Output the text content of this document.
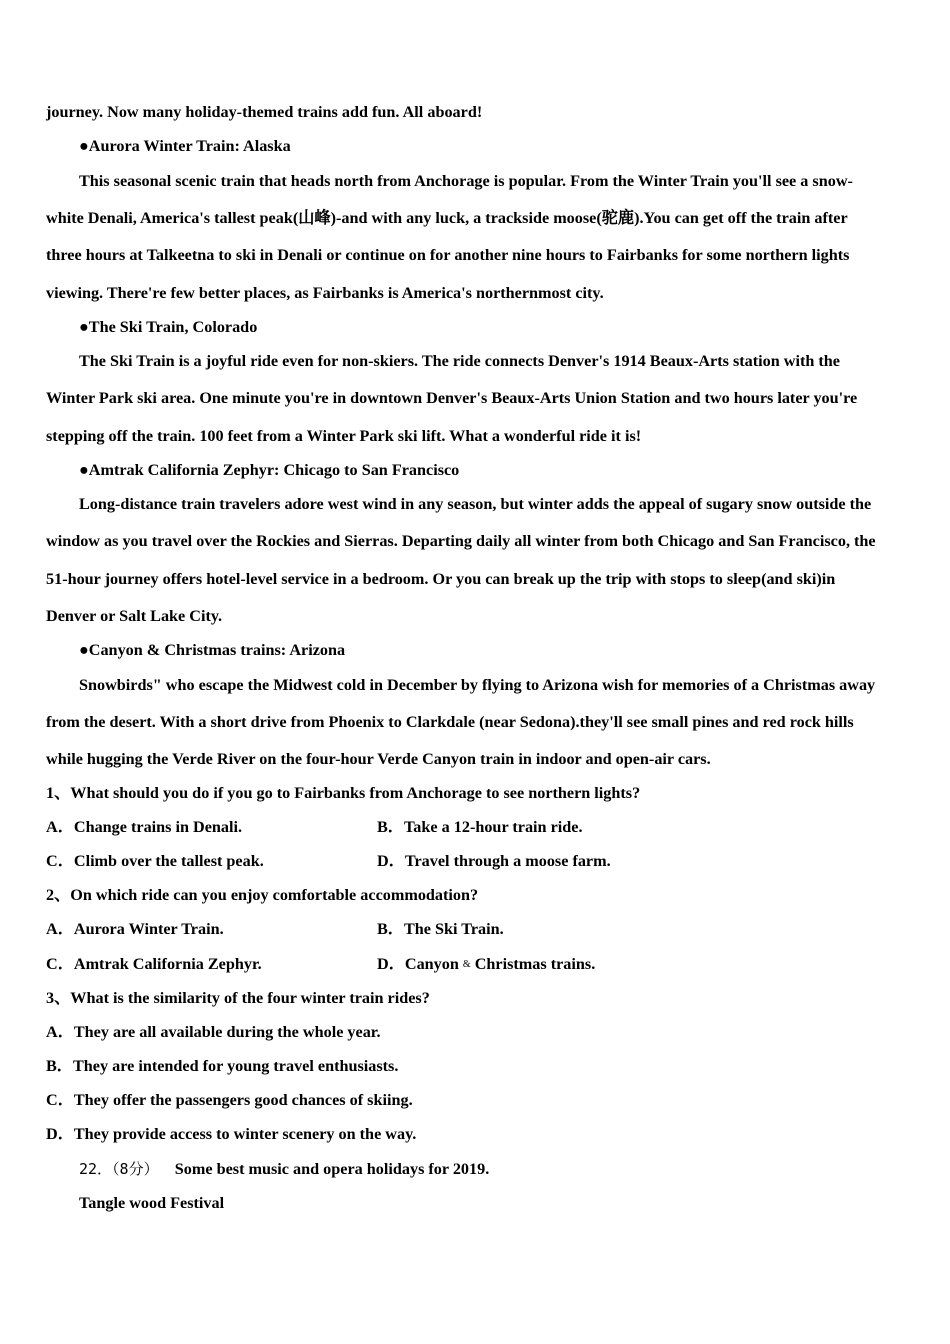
journey. Now many holiday-themed trains add fun. All aboard!
●Aurora Winter Train: Alaska
This seasonal scenic train that heads north from Anchorage is popular. From the Winter Train you'll see a snow-
white Denali, America's tallest peak(山峰)-and with any luck, a trackside moose(驼鹿).You can get off the train after
three hours at Talkeetna to ski in Denali or continue on for another nine hours to Fairbanks for some northern lights
viewing. There're few better places, as Fairbanks is America's northernmost city.
●The Ski Train, Colorado
The Ski Train is a joyful ride even for non-skiers. The ride connects Denver's 1914 Beaux-Arts station with the
Winter Park ski area. One minute you're in downtown Denver's Beaux-Arts Union Station and two hours later you're
stepping off the train. 100 feet from a Winter Park ski lift. What a wonderful ride it is!
●Amtrak California Zephyr: Chicago to San Francisco
Long-distance train travelers adore west wind in any season, but winter adds the appeal of sugary snow outside the
window as you travel over the Rockies and Sierras. Departing daily all winter from both Chicago and San Francisco, the
51-hour journey offers hotel-level service in a bedroom. Or you can break up the trip with stops to sleep(and ski)in
Denver or Salt Lake City.
●Canyon & Christmas trains: Arizona
Snowbirds" who escape the Midwest cold in December by flying to Arizona wish for memories of a Christmas away
from the desert. With a short drive from Phoenix to Clarkdale (near Sedona).they'll see small pines and red rock hills
while hugging the Verde River on the four-hour Verde Canyon train in indoor and open-air cars.
1、What should you do if you go to Fairbanks from Anchorage to see northern lights?
A．Change trains in Denali.	B．Take a 12-hour train ride.
C．Climb over the tallest peak.	D．Travel through a moose farm.
2、On which ride can you enjoy comfortable accommodation?
A．Aurora Winter Train.	B．The Ski Train.
C．Amtrak California Zephyr.	D．Canyon & Christmas trains.
3、What is the similarity of the four winter train rides?
A．They are all available during the whole year.
B．They are intended for young travel enthusiasts.
C．They offer the passengers good chances of skiing.
D．They provide access to winter scenery on the way.
22．（8分） Some best music and opera holidays for 2019.
Tangle wood Festival
